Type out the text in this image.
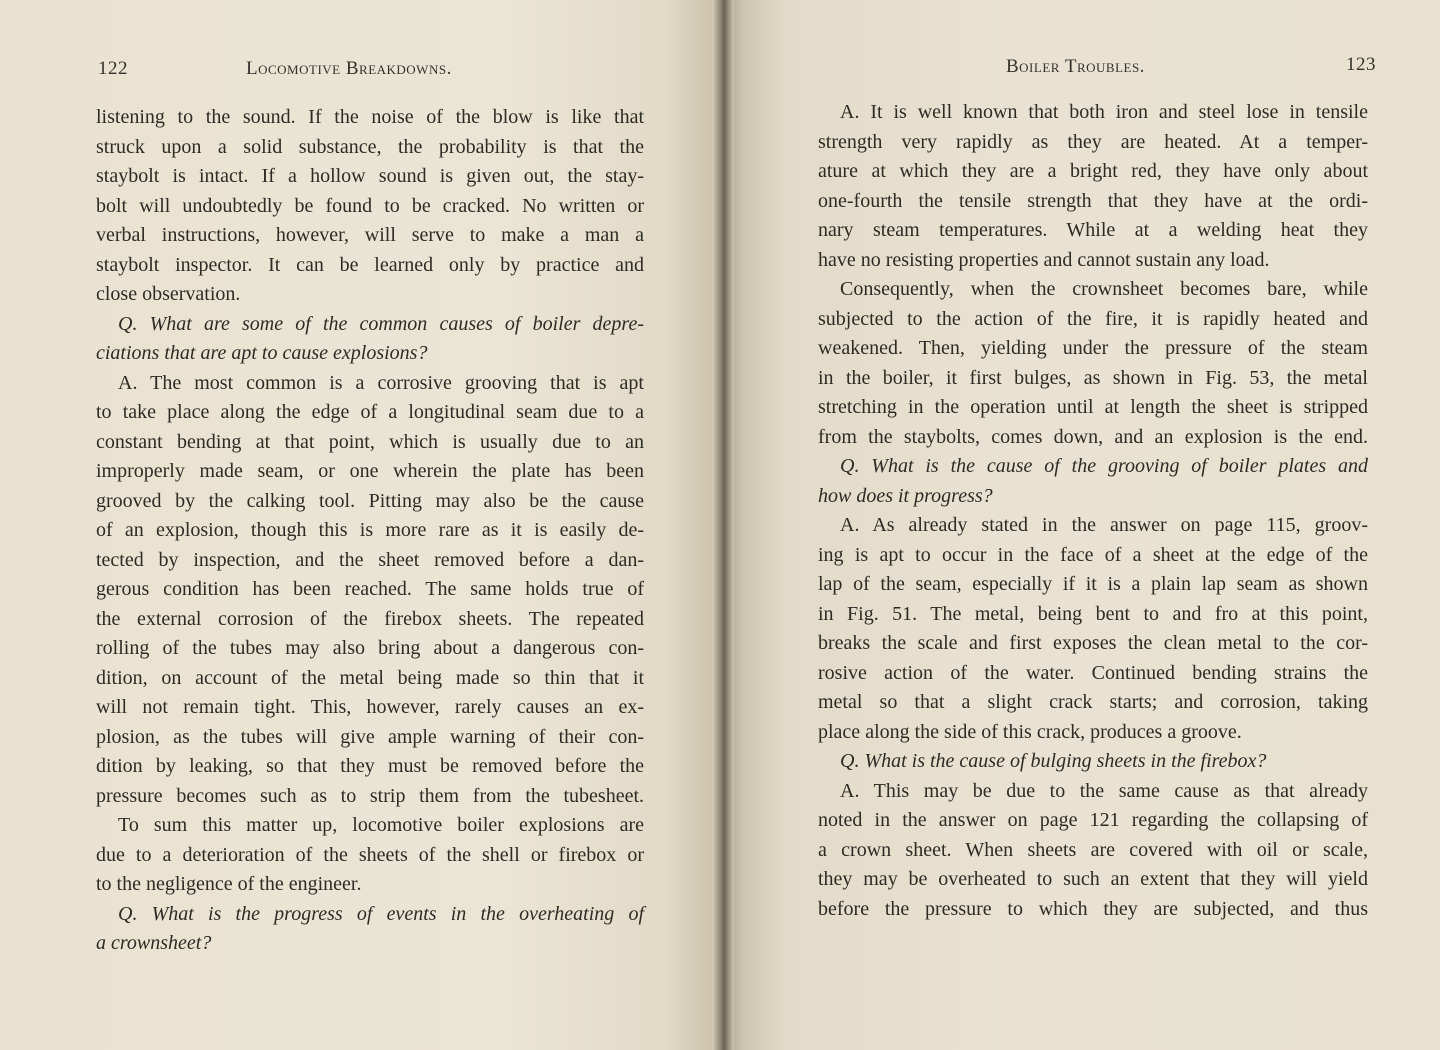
122	Locomotive Breakdowns.	Boiler Troubles.	123
listening to the sound. If the noise of the blow is like that
struck upon a solid substance, the probability is that the
staybolt is intact. If a hollow sound is given out, the stay-
bolt will undoubtedly be found to be cracked. No written or
verbal instructions, however, will serve to make a man a
staybolt inspector. It can be learned only by practice and
close observation.
Q. What are some of the common causes of boiler depre-
ciations that are apt to cause explosions?
A. The most common is a corrosive grooving that is apt
to take place along the edge of a longitudinal seam due to a
constant bending at that point, which is usually due to an
improperly made seam, or one wherein the plate has been
grooved by the calking tool. Pitting may also be the cause
of an explosion, though this is more rare as it is easily de-
tected by inspection, and the sheet removed before a dan-
gerous condition has been reached. The same holds true of
the external corrosion of the firebox sheets. The repeated
rolling of the tubes may also bring about a dangerous con-
dition, on account of the metal being made so thin that it
will not remain tight. This, however, rarely causes an ex-
plosion, as the tubes will give ample warning of their con-
dition by leaking, so that they must be removed before the
pressure becomes such as to strip them from the tubesheet.
To sum this matter up, locomotive boiler explosions are
due to a deterioration of the sheets of the shell or firebox or
to the negligence of the engineer.
Q. What is the progress of events in the overheating of
a crownsheet?
A. It is well known that both iron and steel lose in tensile
strength very rapidly as they are heated. At a temper-
ature at which they are a bright red, they have only about
one-fourth the tensile strength that they have at the ordi-
nary steam temperatures. While at a welding heat they
have no resisting properties and cannot sustain any load.
Consequently, when the crownsheet becomes bare, while
subjected to the action of the fire, it is rapidly heated and
weakened. Then, yielding under the pressure of the steam
in the boiler, it first bulges, as shown in Fig. 53, the metal
stretching in the operation until at length the sheet is stripped
from the staybolts, comes down, and an explosion is the end.
Q. What is the cause of the grooving of boiler plates and
how does it progress?
A. As already stated in the answer on page 115, groov-
ing is apt to occur in the face of a sheet at the edge of the
lap of the seam, especially if it is a plain lap seam as shown
in Fig. 51. The metal, being bent to and fro at this point,
breaks the scale and first exposes the clean metal to the cor-
rosive action of the water. Continued bending strains the
metal so that a slight crack starts; and corrosion, taking
place along the side of this crack, produces a groove.
Q. What is the cause of bulging sheets in the firebox?
A. This may be due to the same cause as that already
noted in the answer on page 121 regarding the collapsing of
a crown sheet. When sheets are covered with oil or scale,
they may be overheated to such an extent that they will yield
before the pressure to which they are subjected, and thus
